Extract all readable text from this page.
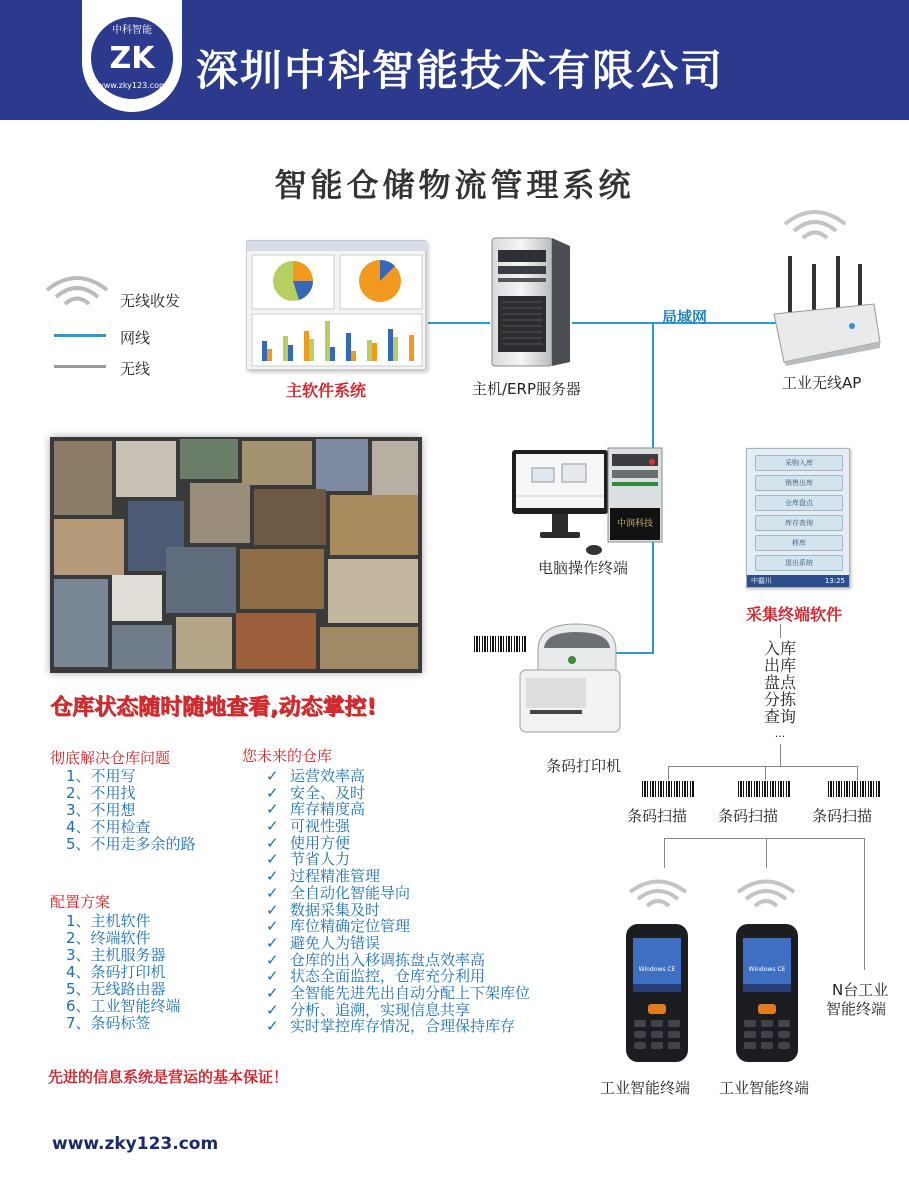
中科智能
ZK
www.zky123.com 深圳中科智能技术有限公司
智能仓储物流管理系统
无线收发
网线
无线
局域网
主软件系统	主机/ERP服务器	工业无线AP
中润科技
电脑操作终端
采购入库
销售出库
仓库盘点
库存查询
移库
退出系统
中霸川	13:25
采集终端软件
条码打印机
入库
出库
盘点
分拣
查询
...
条码扫描 条码扫描 条码扫描
Windows CE	Windows CE
工业智能终端 工业智能终端
N台工业
智能终端
仓库状态随时随地查看,动态掌控!
彻底解决仓库问题
1、不用写
2、不用找
3、不用想
4、不用检查
5、不用走多余的路
配置方案
1、主机软件
2、终端软件
3、主机服务器
4、条码打印机
5、无线路由器
6、工业智能终端
7、条码标签
您未来的仓库
✓ 运营效率高
✓ 安全、及时
✓ 库存精度高
✓ 可视性强
✓ 使用方便
✓ 节省人力
✓ 过程精准管理
✓ 全自动化智能导向
✓ 数据采集及时
✓ 库位精确定位管理
✓ 避免人为错误
✓ 仓库的出入移调拣盘点效率高
✓ 状态全面监控，仓库充分利用
✓ 全智能先进先出自动分配上下架库位
✓ 分析、追溯，实现信息共享
✓ 实时掌控库存情况，合理保持库存
先进的信息系统是营运的基本保证！
www.zky123.com
